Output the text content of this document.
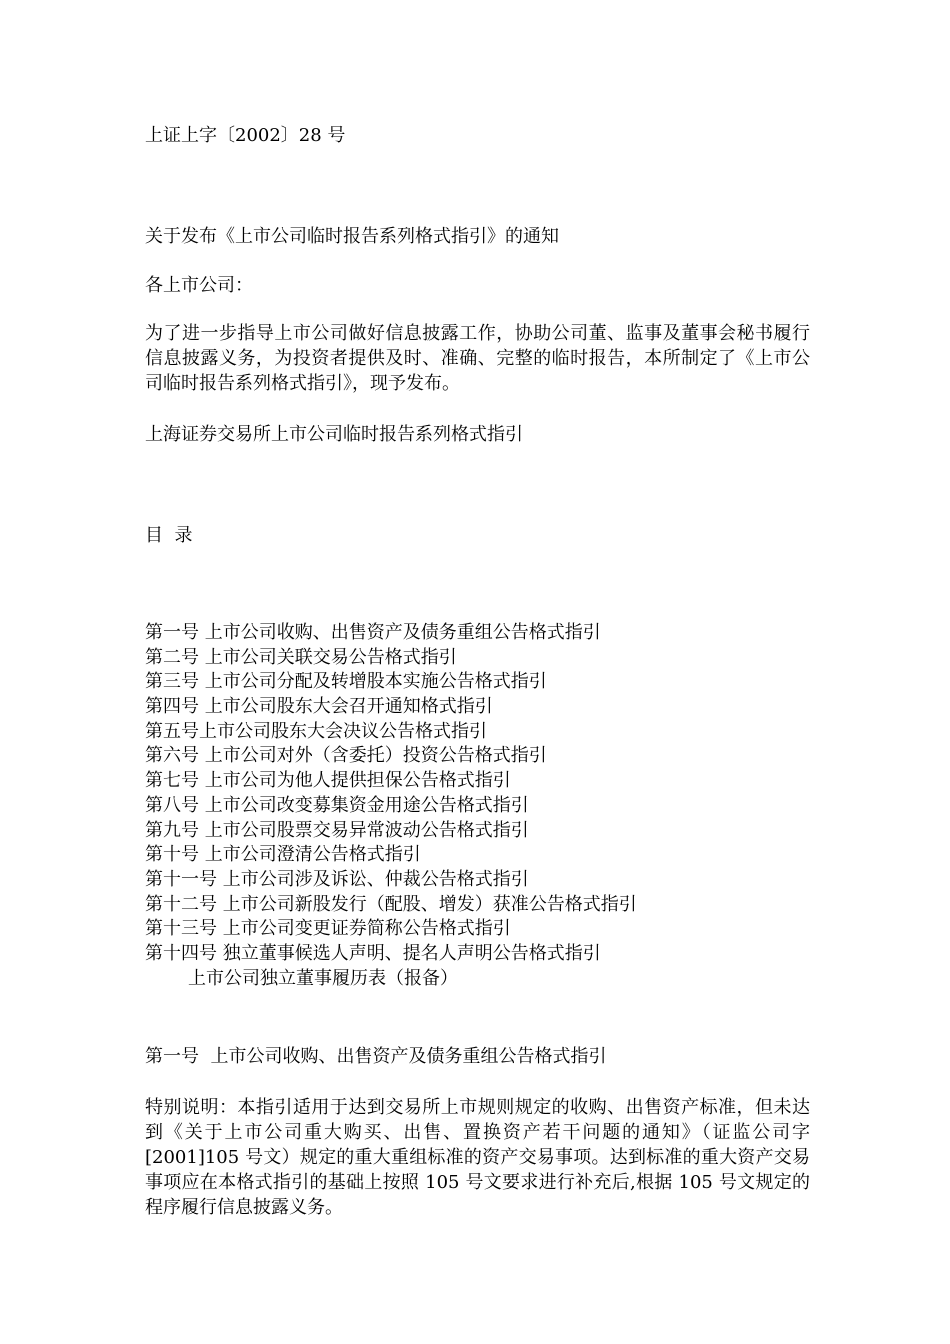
上证上字〔2002〕28 号

关于发布《上市公司临时报告系列格式指引》的通知

各上市公司：

为了进一步指导上市公司做好信息披露工作，协助公司董、监事及董事会秘书履行信息披露义务，为投资者提供及时、准确、完整的临时报告，本所制定了《上市公司临时报告系列格式指引》，现予发布。

上海证券交易所上市公司临时报告系列格式指引

目  录

第一号 上市公司收购、出售资产及债务重组公告格式指引
第二号 上市公司关联交易公告格式指引
第三号 上市公司分配及转增股本实施公告格式指引
第四号 上市公司股东大会召开通知格式指引
第五号上市公司股东大会决议公告格式指引
第六号 上市公司对外（含委托）投资公告格式指引
第七号 上市公司为他人提供担保公告格式指引
第八号 上市公司改变募集资金用途公告格式指引
第九号 上市公司股票交易异常波动公告格式指引
第十号 上市公司澄清公告格式指引
第十一号 上市公司涉及诉讼、仲裁公告格式指引
第十二号 上市公司新股发行（配股、增发）获准公告格式指引
第十三号 上市公司变更证券简称公告格式指引
第十四号 独立董事候选人声明、提名人声明公告格式指引
上市公司独立董事履历表（报备）

第一号  上市公司收购、出售资产及债务重组公告格式指引

特别说明：本指引适用于达到交易所上市规则规定的收购、出售资产标准，但未达到《关于上市公司重大购买、出售、置换资产若干问题的通知》（证监公司字[2001]105 号文）规定的重大重组标准的资产交易事项。达到标准的重大资产交易事项应在本格式指引的基础上按照 105 号文要求进行补充后,根据 105 号文规定的程序履行信息披露义务。
